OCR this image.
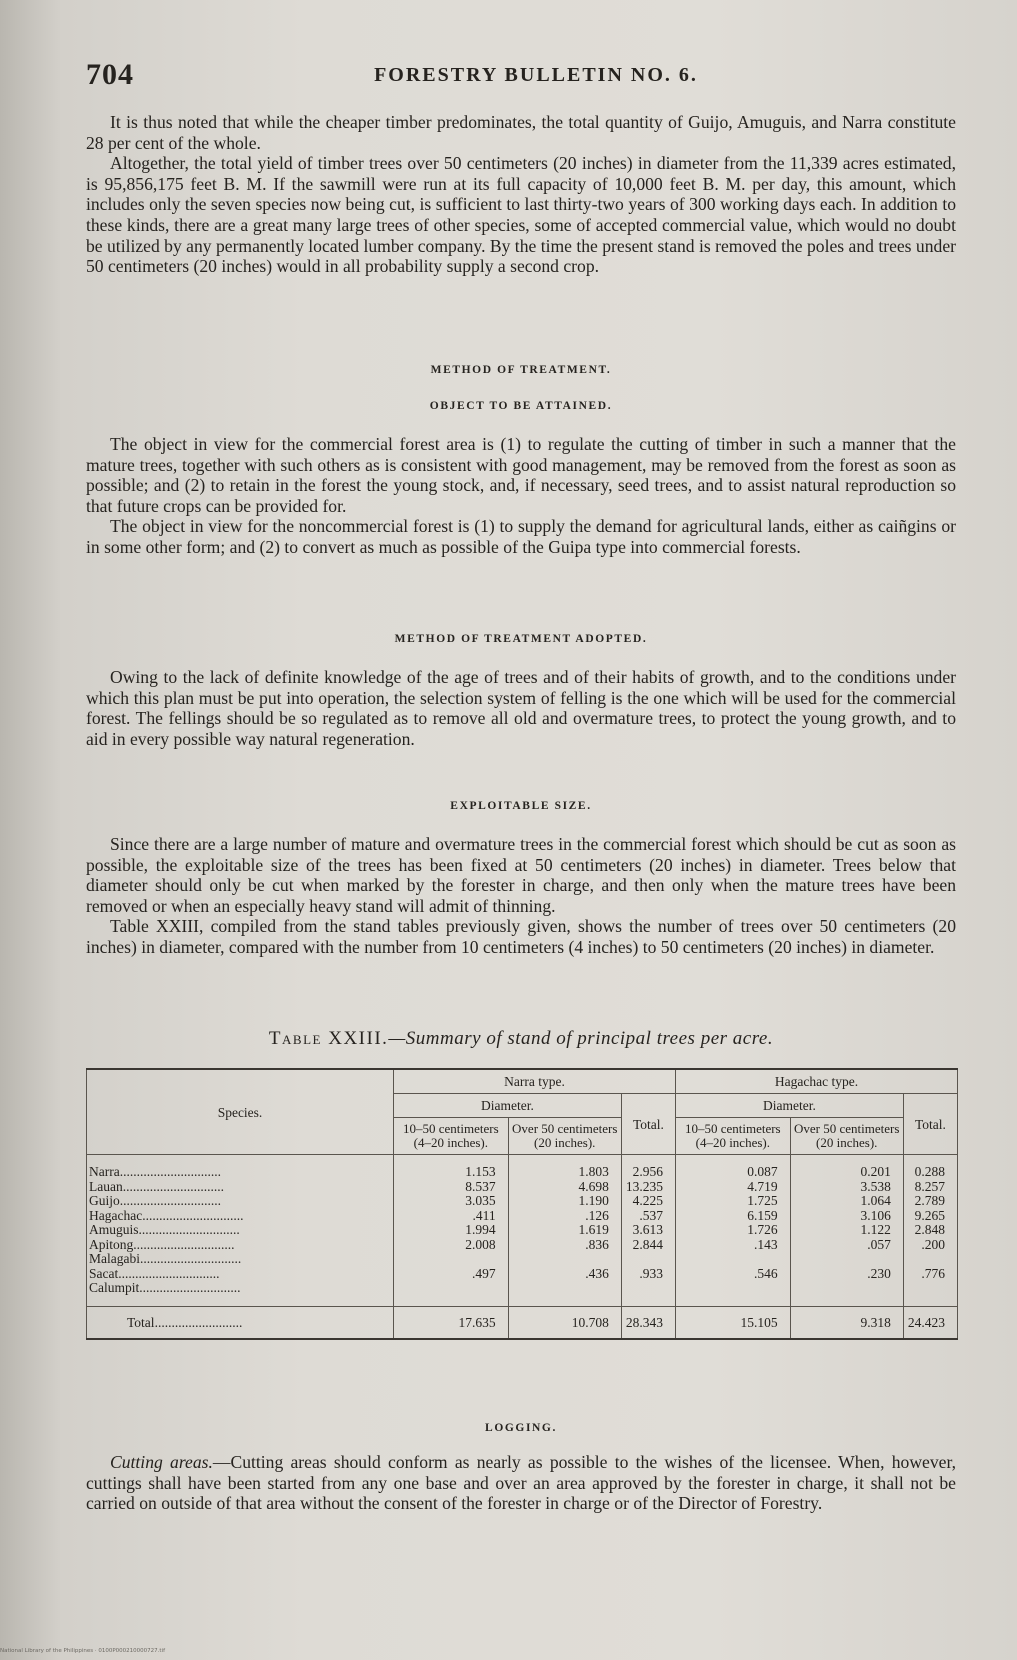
704	FORESTRY BULLETIN NO. 6.

It is thus noted that while the cheaper timber predominates, the total quantity of Guijo, Amuguis, and Narra constitute 28 per cent of the whole.

Altogether, the total yield of timber trees over 50 centimeters (20 inches) in diameter from the 11,339 acres estimated, is 95,856,175 feet B. M. If the sawmill were run at its full capacity of 10,000 feet B. M. per day, this amount, which includes only the seven species now being cut, is sufficient to last thirty-two years of 300 working days each. In addition to these kinds, there are a great many large trees of other species, some of accepted commercial value, which would no doubt be utilized by any permanently located lumber company. By the time the present stand is removed the poles and trees under 50 centimeters (20 inches) would in all probability supply a second crop.

METHOD OF TREATMENT.
OBJECT TO BE ATTAINED.

The object in view for the commercial forest area is (1) to regulate the cutting of timber in such a manner that the mature trees, together with such others as is consistent with good management, may be removed from the forest as soon as possible; and (2) to retain in the forest the young stock, and, if necessary, seed trees, and to assist natural reproduction so that future crops can be provided for.

The object in view for the noncommercial forest is (1) to supply the demand for agricultural lands, either as caiñgins or in some other form; and (2) to convert as much as possible of the Guipa type into commercial forests.

METHOD OF TREATMENT ADOPTED.

Owing to the lack of definite knowledge of the age of trees and of their habits of growth, and to the conditions under which this plan must be put into operation, the selection system of felling is the one which will be used for the commercial forest. The fellings should be so regulated as to remove all old and overmature trees, to protect the young growth, and to aid in every possible way natural regeneration.

EXPLOITABLE SIZE.

Since there are a large number of mature and overmature trees in the commercial forest which should be cut as soon as possible, the exploitable size of the trees has been fixed at 50 centimeters (20 inches) in diameter. Trees below that diameter should only be cut when marked by the forester in charge, and then only when the mature trees have been removed or when an especially heavy stand will admit of thinning.

Table XXIII, compiled from the stand tables previously given, shows the number of trees over 50 centimeters (20 inches) in diameter, compared with the number from 10 centimeters (4 inches) to 50 centimeters (20 inches) in diameter.

Table XXIII.—Summary of stand of principal trees per acre.
Species.	Narra type.			Hagachac type.		
	Diameter.		Total.	Diameter.		Total.
	10–50 centimeters (4–20 inches).	Over 50 centimeters (20 inches).		10–50 centimeters (4–20 inches).	Over 50 centimeters (20 inches).	
Narra..............................	1.153	1.803	2.956	0.087	0.201	0.288
Lauan..............................	8.537	4.698	13.235	4.719	3.538	8.257
Guijo..............................	3.035	1.190	4.225	1.725	1.064	2.789
Hagachac..............................	.411	.126	.537	6.159	3.106	9.265
Amuguis..............................	1.994	1.619	3.613	1.726	1.122	2.848
Apitong..............................	2.008	.836	2.844	.143	.057	.200
Malagabi..............................						
Sacat..............................	.497	.436	.933	.546	.230	.776
Calumpit..............................						
Total..........................	17.635	10.708	28.343	15.105	9.318	24.423
LOGGING.

Cutting areas.—Cutting areas should conform as nearly as possible to the wishes of the licensee. When, however, cuttings shall have been started from any one base and over an area approved by the forester in charge, it shall not be carried on outside of that area without the consent of the forester in charge or of the Director of Forestry.

National Library of the Philippines · 0100P000210000727.tif
